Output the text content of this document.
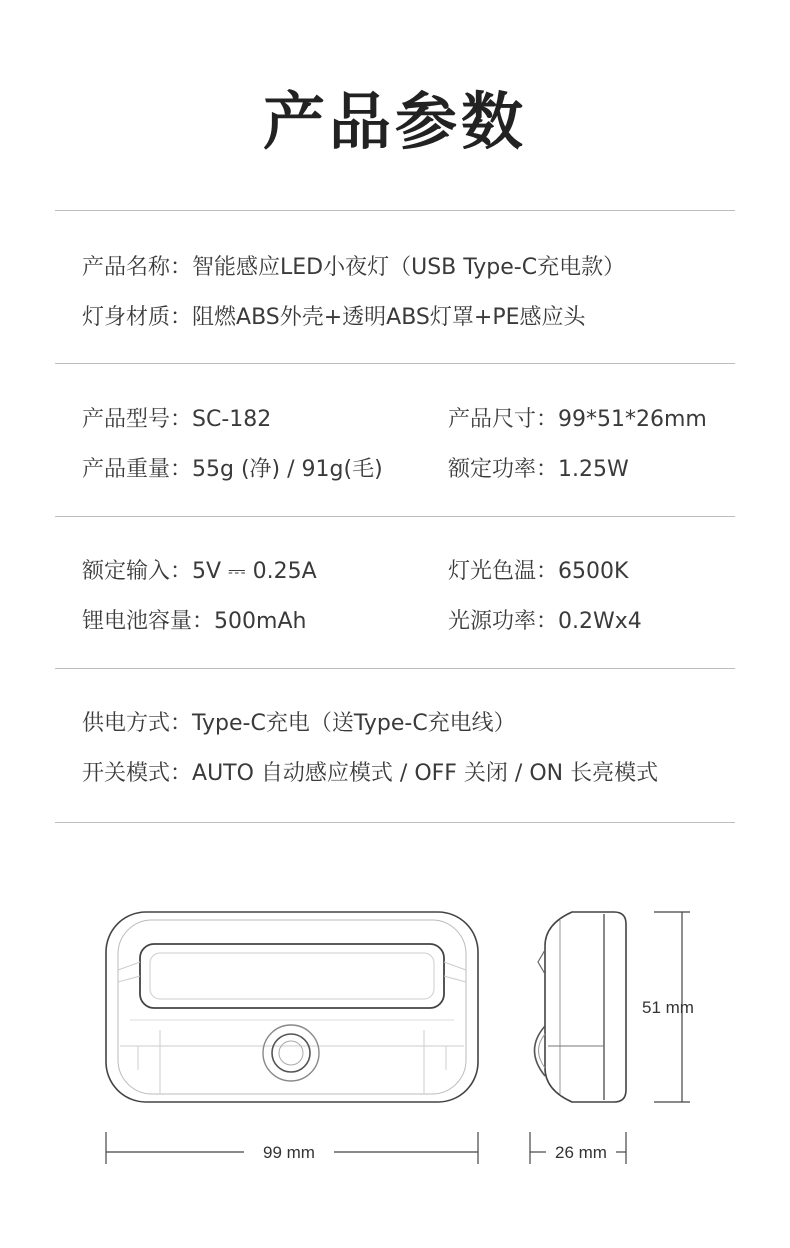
产品参数
产品名称：智能感应LED小夜灯（USB Type-C充电款）
灯身材质：阻燃ABS外壳+透明ABS灯罩+PE感应头
产品型号：SC-182	产品尺寸：99*51*26mm
产品重量：55g (净) / 91g(毛)	额定功率：1.25W
额定输入：5V ⎓ 0.25A	灯光色温：6500K
锂电池容量：500mAh	光源功率：0.2Wx4
供电方式：Type-C充电（送Type-C充电线）
开关模式：AUTO 自动感应模式 / OFF 关闭 / ON 长亮模式
51 mm
99 mm	26 mm
